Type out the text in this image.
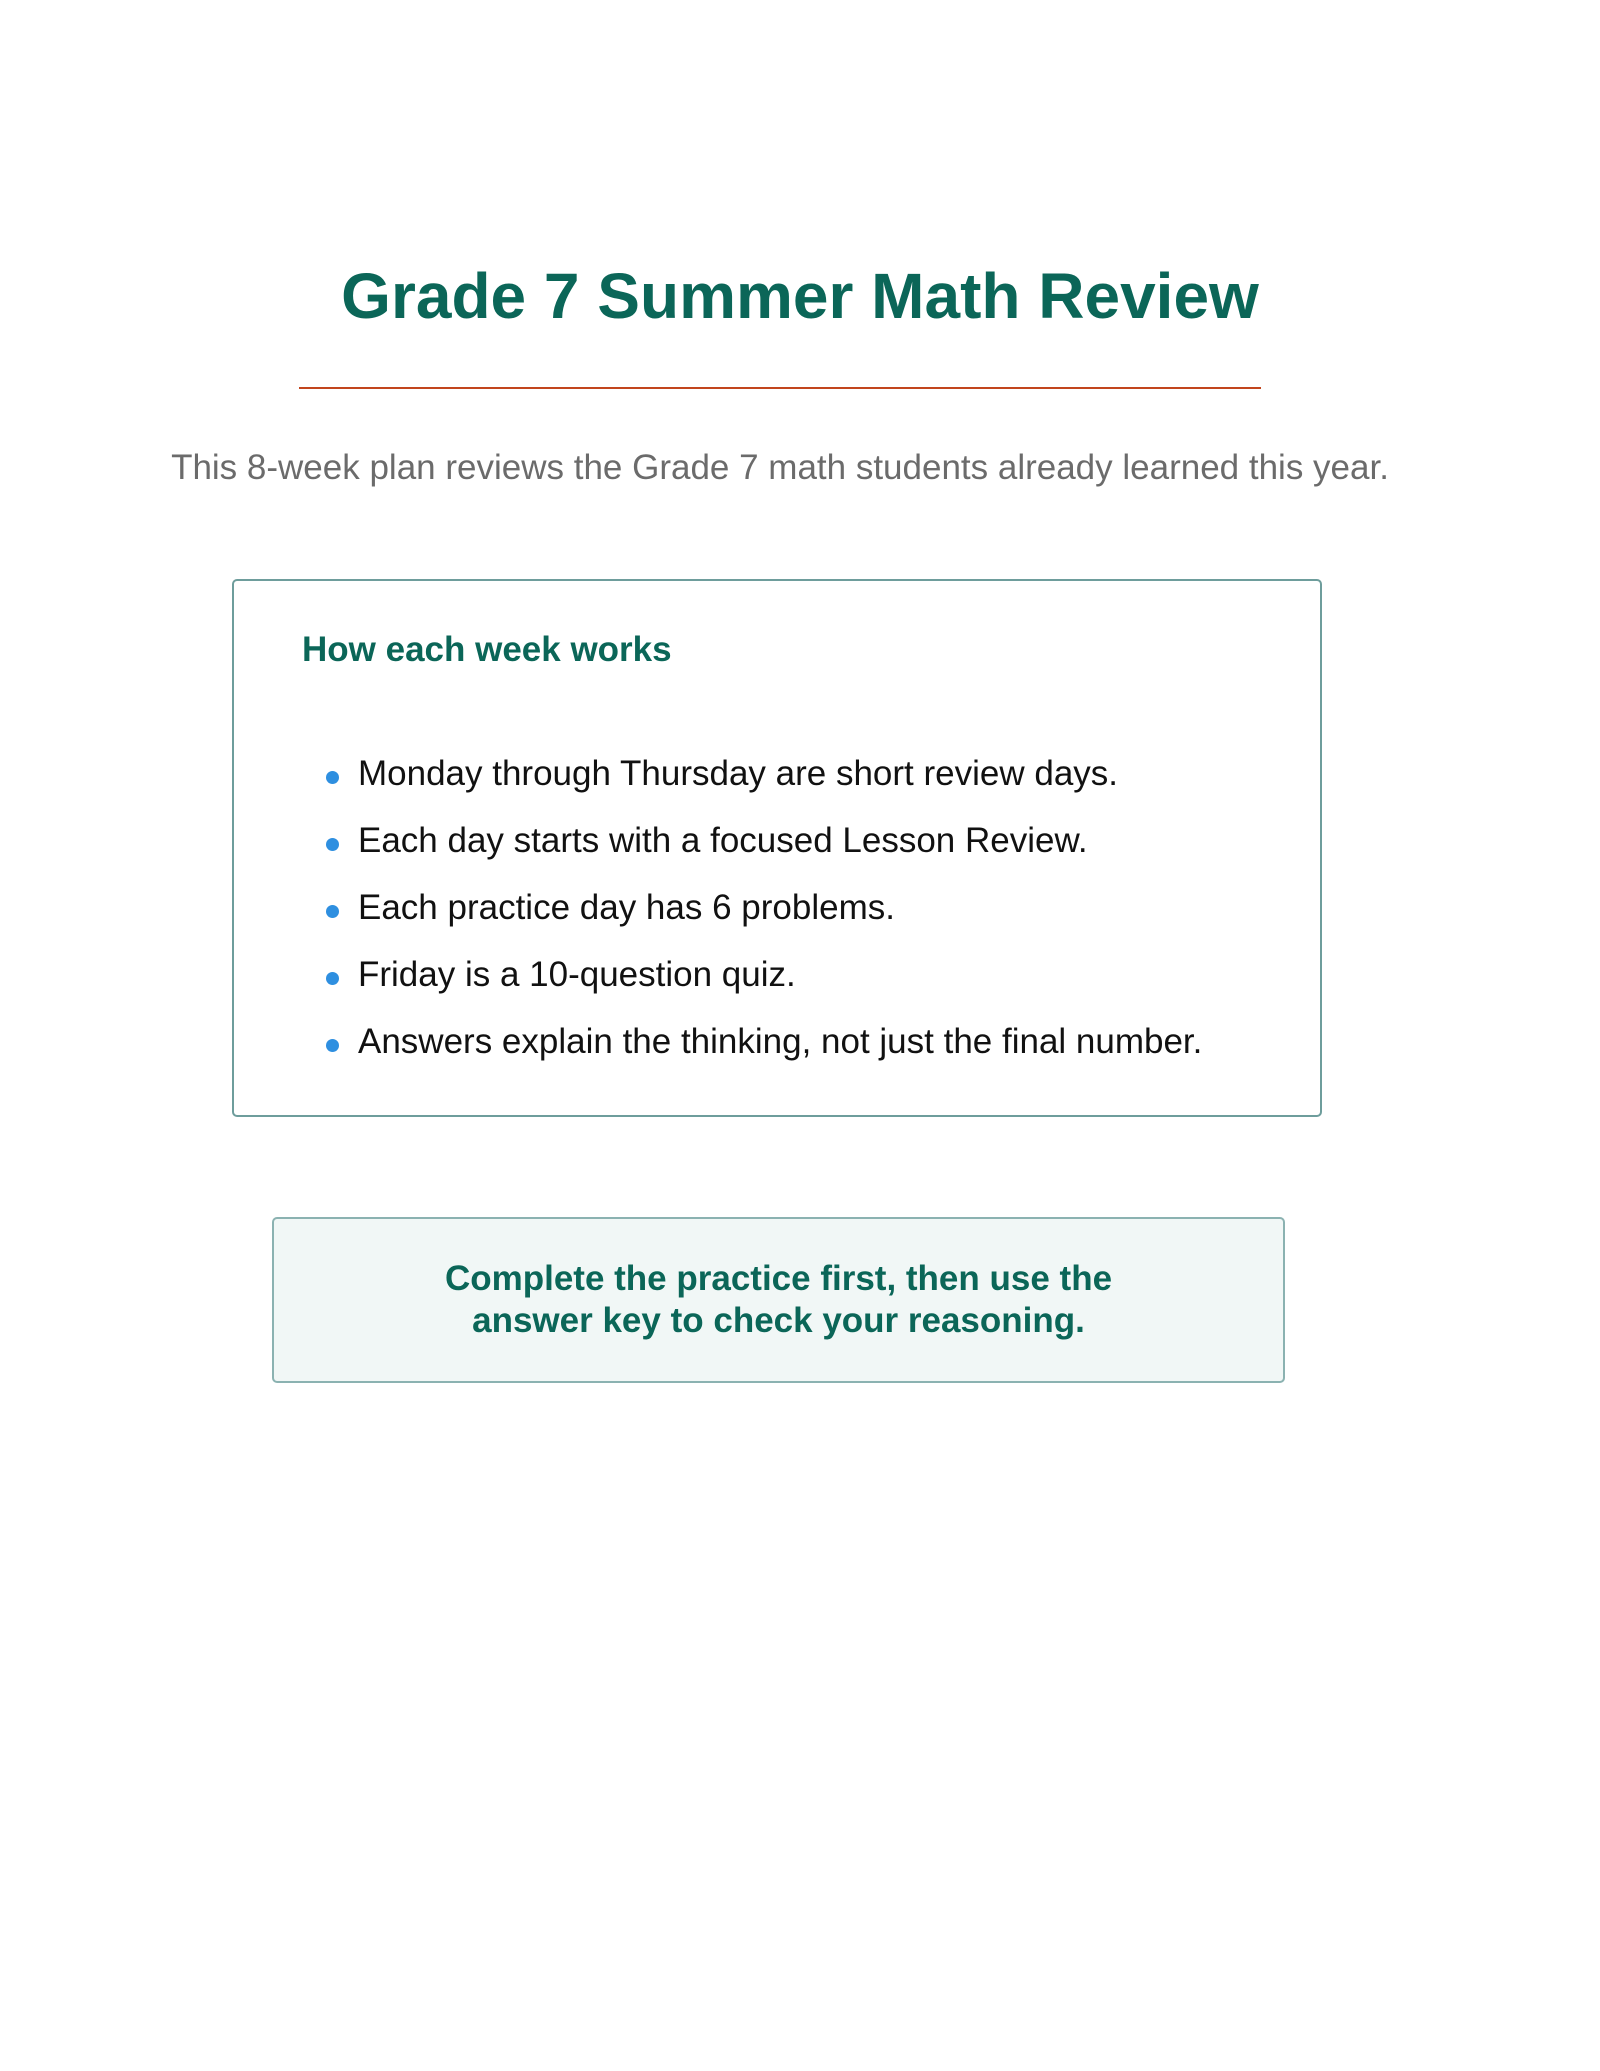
Grade 7 Summer Math Review

This 8-week plan reviews the Grade 7 math students already learned this year.

How each week works
Monday through Thursday are short review days.
Each day starts with a focused Lesson Review.
Each practice day has 6 problems.
Friday is a 10-question quiz.
Answers explain the thinking, not just the final number.

Complete the practice first, then use the answer key to check your reasoning.
